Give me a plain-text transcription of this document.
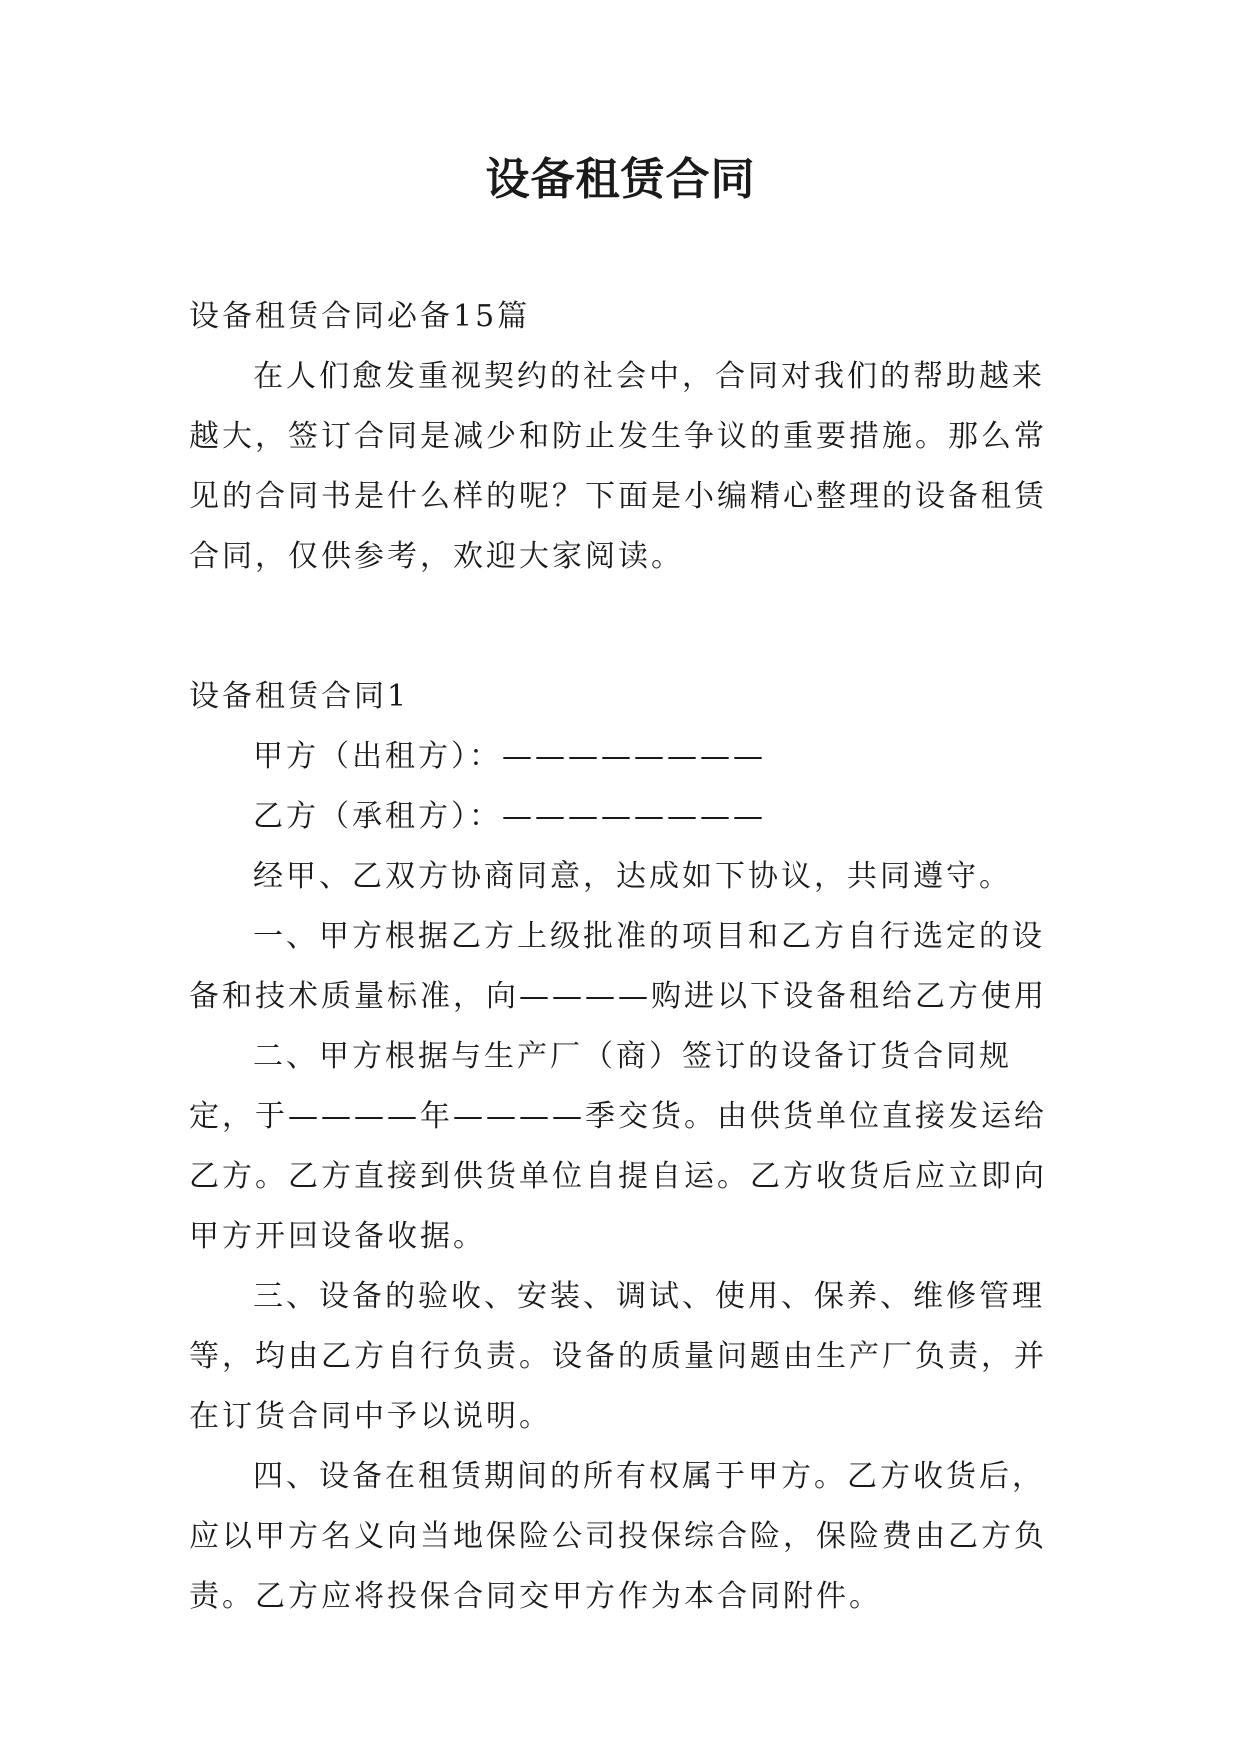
设备租赁合同

设备租赁合同必备15篇

在人们愈发重视契约的社会中，合同对我们的帮助越来越大，签订合同是减少和防止发生争议的重要措施。那么常见的合同书是什么样的呢？下面是小编精心整理的设备租赁合同，仅供参考，欢迎大家阅读。

设备租赁合同1

甲方（出租方）：————————

乙方（承租方）：————————

经甲、乙双方协商同意，达成如下协议，共同遵守。

一、甲方根据乙方上级批准的项目和乙方自行选定的设备和技术质量标准，向————购进以下设备租给乙方使用

二、甲方根据与生产厂（商）签订的设备订货合同规定，于————年————季交货。由供货单位直接发运给乙方。乙方直接到供货单位自提自运。乙方收货后应立即向甲方开回设备收据。

三、设备的验收、安装、调试、使用、保养、维修管理等，均由乙方自行负责。设备的质量问题由生产厂负责，并在订货合同中予以说明。

四、设备在租赁期间的所有权属于甲方。乙方收货后，应以甲方名义向当地保险公司投保综合险，保险费由乙方负责。乙方应将投保合同交甲方作为本合同附件。
